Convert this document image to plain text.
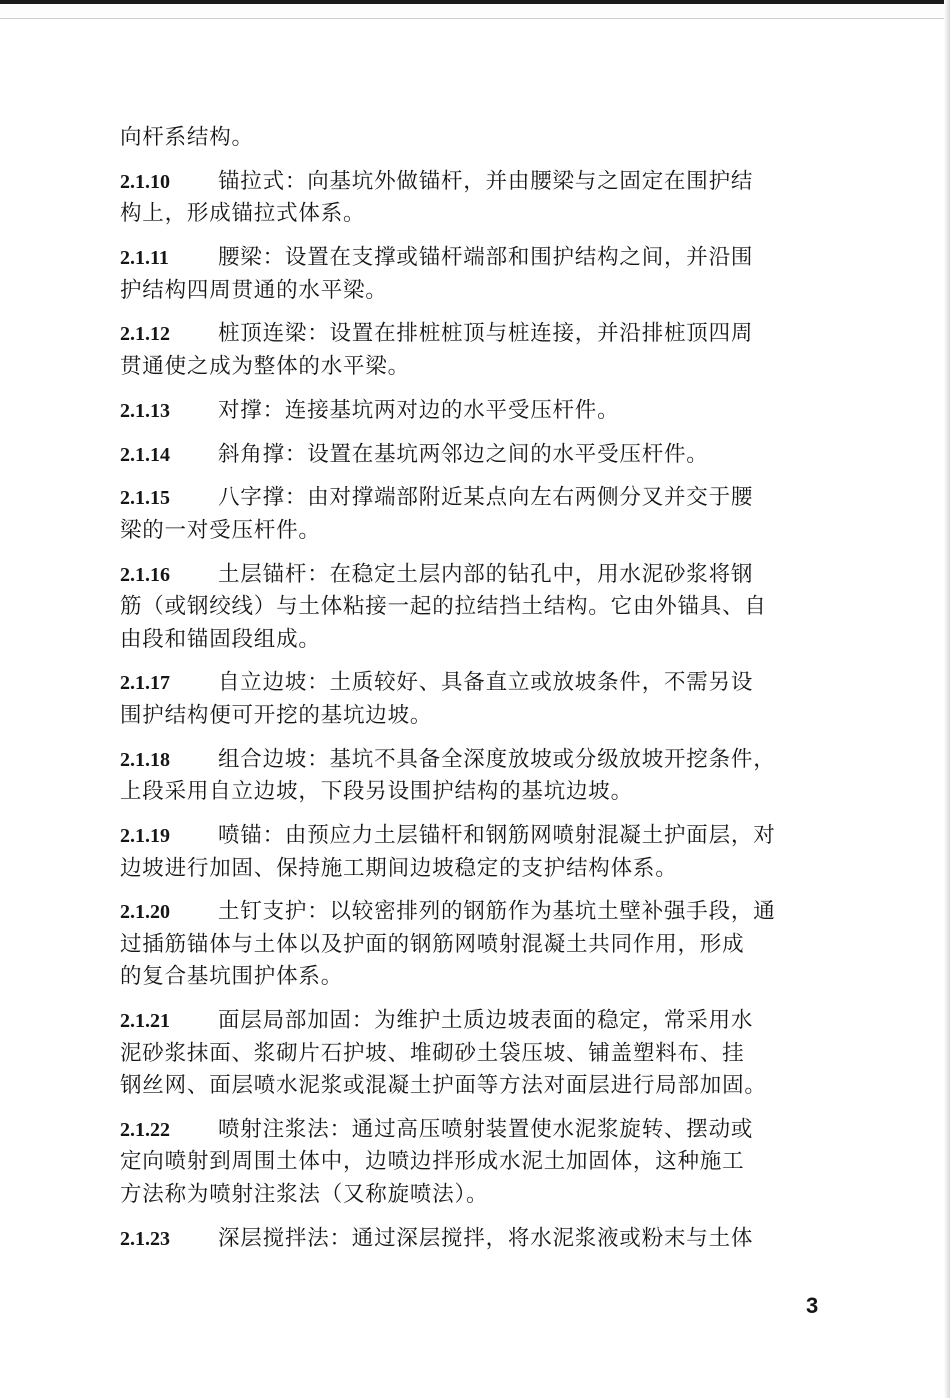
向杆系结构。
2.1.10 锚拉式：向基坑外做锚杆，并由腰梁与之固定在围护结
构上，形成锚拉式体系。
2.1.11 腰梁：设置在支撑或锚杆端部和围护结构之间，并沿围
护结构四周贯通的水平梁。
2.1.12 桩顶连梁：设置在排桩桩顶与桩连接，并沿排桩顶四周
贯通使之成为整体的水平梁。
2.1.13 对撑：连接基坑两对边的水平受压杆件。
2.1.14 斜角撑：设置在基坑两邻边之间的水平受压杆件。
2.1.15 八字撑：由对撑端部附近某点向左右两侧分叉并交于腰
梁的一对受压杆件。
2.1.16 土层锚杆：在稳定土层内部的钻孔中，用水泥砂浆将钢
筋（或钢绞线）与土体粘接一起的拉结挡土结构。它由外锚具、自
由段和锚固段组成。
2.1.17 自立边坡：土质较好、具备直立或放坡条件，不需另设
围护结构便可开挖的基坑边坡。
2.1.18 组合边坡：基坑不具备全深度放坡或分级放坡开挖条件，
上段采用自立边坡，下段另设围护结构的基坑边坡。
2.1.19 喷锚：由预应力土层锚杆和钢筋网喷射混凝土护面层，对
边坡进行加固、保持施工期间边坡稳定的支护结构体系。
2.1.20 土钉支护：以较密排列的钢筋作为基坑土壁补强手段，通
过插筋锚体与土体以及护面的钢筋网喷射混凝土共同作用，形成
的复合基坑围护体系。
2.1.21 面层局部加固：为维护土质边坡表面的稳定，常采用水
泥砂浆抹面、浆砌片石护坡、堆砌砂土袋压坡、铺盖塑料布、挂
钢丝网、面层喷水泥浆或混凝土护面等方法对面层进行局部加固。
2.1.22 喷射注浆法：通过高压喷射装置使水泥浆旋转、摆动或
定向喷射到周围土体中，边喷边拌形成水泥土加固体，这种施工
方法称为喷射注浆法（又称旋喷法）。
2.1.23 深层搅拌法：通过深层搅拌，将水泥浆液或粉末与土体
3
